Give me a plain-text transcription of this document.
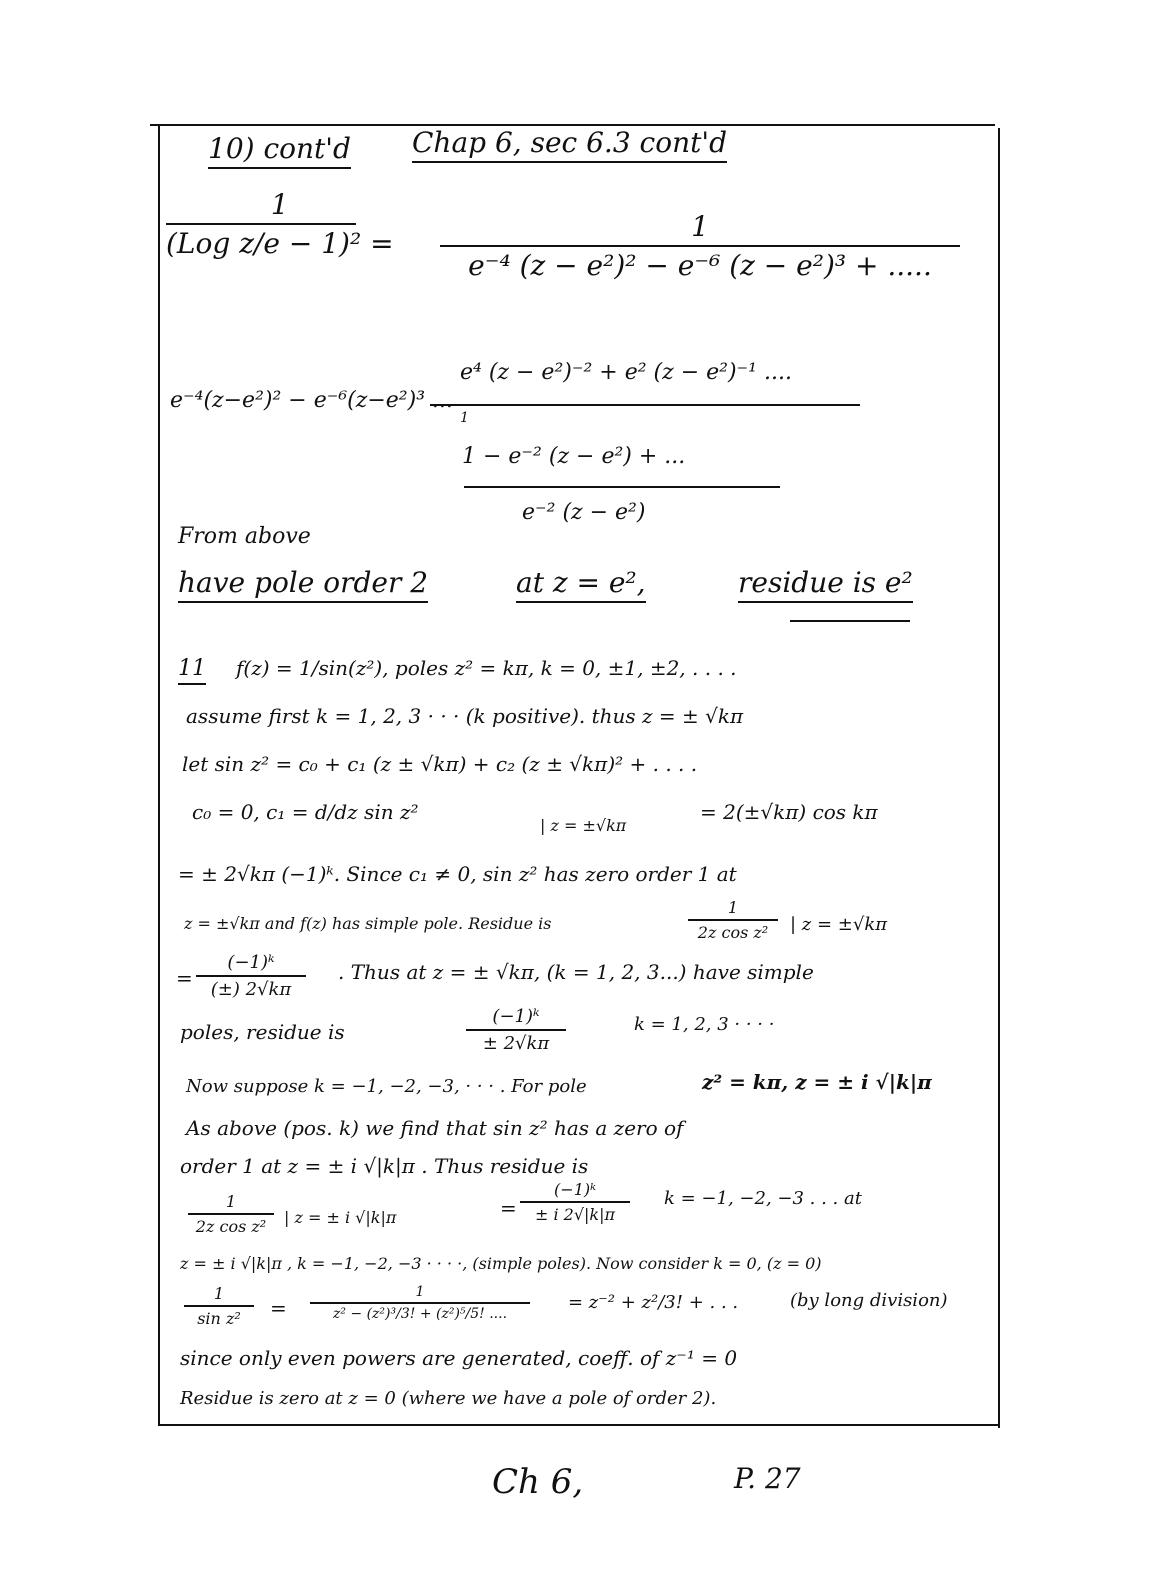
10) cont'd Chap 6, sec 6.3 cont'd
1
(Log z/e − 1)² =
1
e⁻⁴ (z − e²)² − e⁻⁶ (z − e²)³ + .....
e⁴ (z − e²)⁻² + e² (z − e²)⁻¹ ....
e⁻⁴(z−e²)² − e⁻⁶(z−e²)³ ...
1
1 − e⁻² (z − e²) + ...
e⁻² (z − e²)
From above
have pole order 2	at z = e²,	residue is e²
11 f(z) = 1/sin(z²), poles z² = kπ, k = 0, ±1, ±2, . . . .
assume first k = 1, 2, 3 · · · (k positive). thus z = ± √kπ
let sin z² = c₀ + c₁ (z ± √kπ) + c₂ (z ± √kπ)² + . . . .
c₀ = 0, c₁ = d/dz sin z²
| z = ±√kπ
= 2(±√kπ) cos kπ
= ± 2√kπ (−1)ᵏ. Since c₁ ≠ 0, sin z² has zero order 1 at
z = ±√kπ and f(z) has simple pole. Residue is
1
2z cos z²	| z = ±√kπ
=
(−1)ᵏ
(±) 2√kπ
. Thus at z = ± √kπ, (k = 1, 2, 3...) have simple
poles, residue is
(−1)ᵏ
± 2√kπ
k = 1, 2, 3 · · · ·
Now suppose k = −1, −2, −3, · · · . For pole	z² = kπ, z = ± i √|k|π
As above (pos. k) we find that sin z² has a zero of
order 1 at z = ± i √|k|π . Thus residue is
1
2z cos z²	| z = ± i √|k|π	=
(−1)ᵏ
± i 2√|k|π
k = −1, −2, −3 . . . at
z = ± i √|k|π , k = −1, −2, −3 · · · ·, (simple poles). Now consider k = 0, (z = 0)
1
sin z²	=
1
z² − (z²)³/3! + (z²)⁵/5! ....
= z⁻² + z²/3! + . . .	(by long division)
since only even powers are generated, coeff. of z⁻¹ = 0
Residue is zero at z = 0 (where we have a pole of order 2).
Ch 6,	P. 27
